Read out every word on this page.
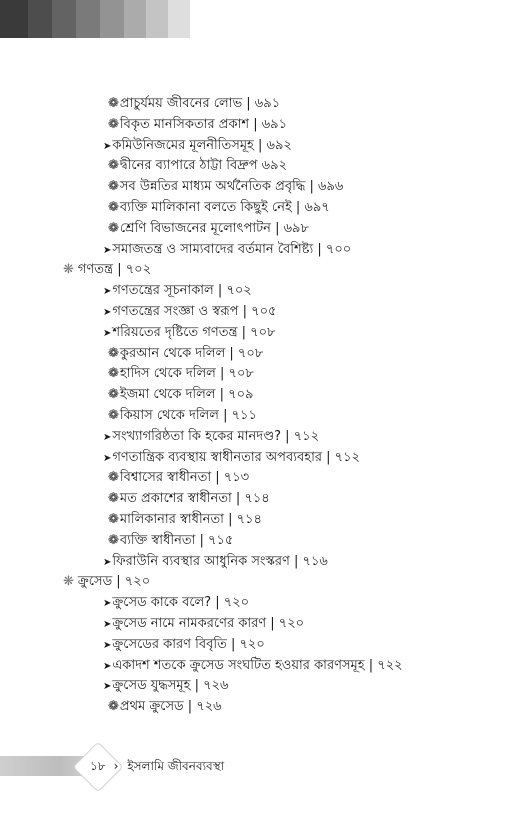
❁প্রাচুর্যময় জীবনের লোভ | ৬৯১
❁বিকৃত মানসিকতার প্রকাশ | ৬৯১
➤কমিউনিজমের মূলনীতিসমূহ | ৬৯২
❁দ্বীনের ব্যাপারে ঠাট্টা বিদ্রুপ ৬৯২
❁সব উন্নতির মাধ্যম অর্থনৈতিক প্রবৃদ্ধি | ৬৯৬
❁ব্যক্তি মালিকানা বলতে কিছুই নেই | ৬৯৭
❁শ্রেণি বিভাজনের মূলোৎপাটন | ৬৯৮
➤সমাজতন্ত্র ও সাম্যবাদের বর্তমান বৈশিষ্ট্য | ৭০০
❋ গণতন্ত্র | ৭০২
➤গণতন্ত্রের সূচনাকাল | ৭০২
➤গণতন্ত্রের সংজ্ঞা ও স্বরূপ | ৭০৫
➤শরিয়তের দৃষ্টিতে গণতন্ত্র | ৭০৮
❁কুরআন থেকে দলিল | ৭০৮
❁হাদিস থেকে দলিল | ৭০৮
❁ইজমা থেকে দলিল | ৭০৯
❁কিয়াস থেকে দলিল | ৭১১
➤সংখ্যাগরিষ্ঠতা কি হকের মানদণ্ড? | ৭১২
➤গণতান্ত্রিক ব্যবস্থায় স্বাধীনতার অপব্যবহার | ৭১২
❁বিশ্বাসের স্বাধীনতা | ৭১৩
❁মত প্রকাশের স্বাধীনতা | ৭১৪
❁মালিকানার স্বাধীনতা | ৭১৪
❁ব্যক্তি স্বাধীনতা | ৭১৫
➤ফিরাউনি ব্যবস্থার আধুনিক সংস্করণ | ৭১৬
❋ ক্রুসেড | ৭২০
➤ক্রুসেড কাকে বলে? | ৭২০
➤ক্রুসেড নামে নামকরণের কারণ | ৭২০
➤ক্রুসেডের কারণ বিবৃতি | ৭২০
➤একাদশ শতকে ক্রুসেড সংঘটিত হওয়ার কারণসমূহ | ৭২২
➤ক্রুসেড যুদ্ধসমূহ | ৭২৬
❁প্রথম ক্রুসেড | ৭২৬
১৮ › ইসলামি জীবনব্যবস্থা
